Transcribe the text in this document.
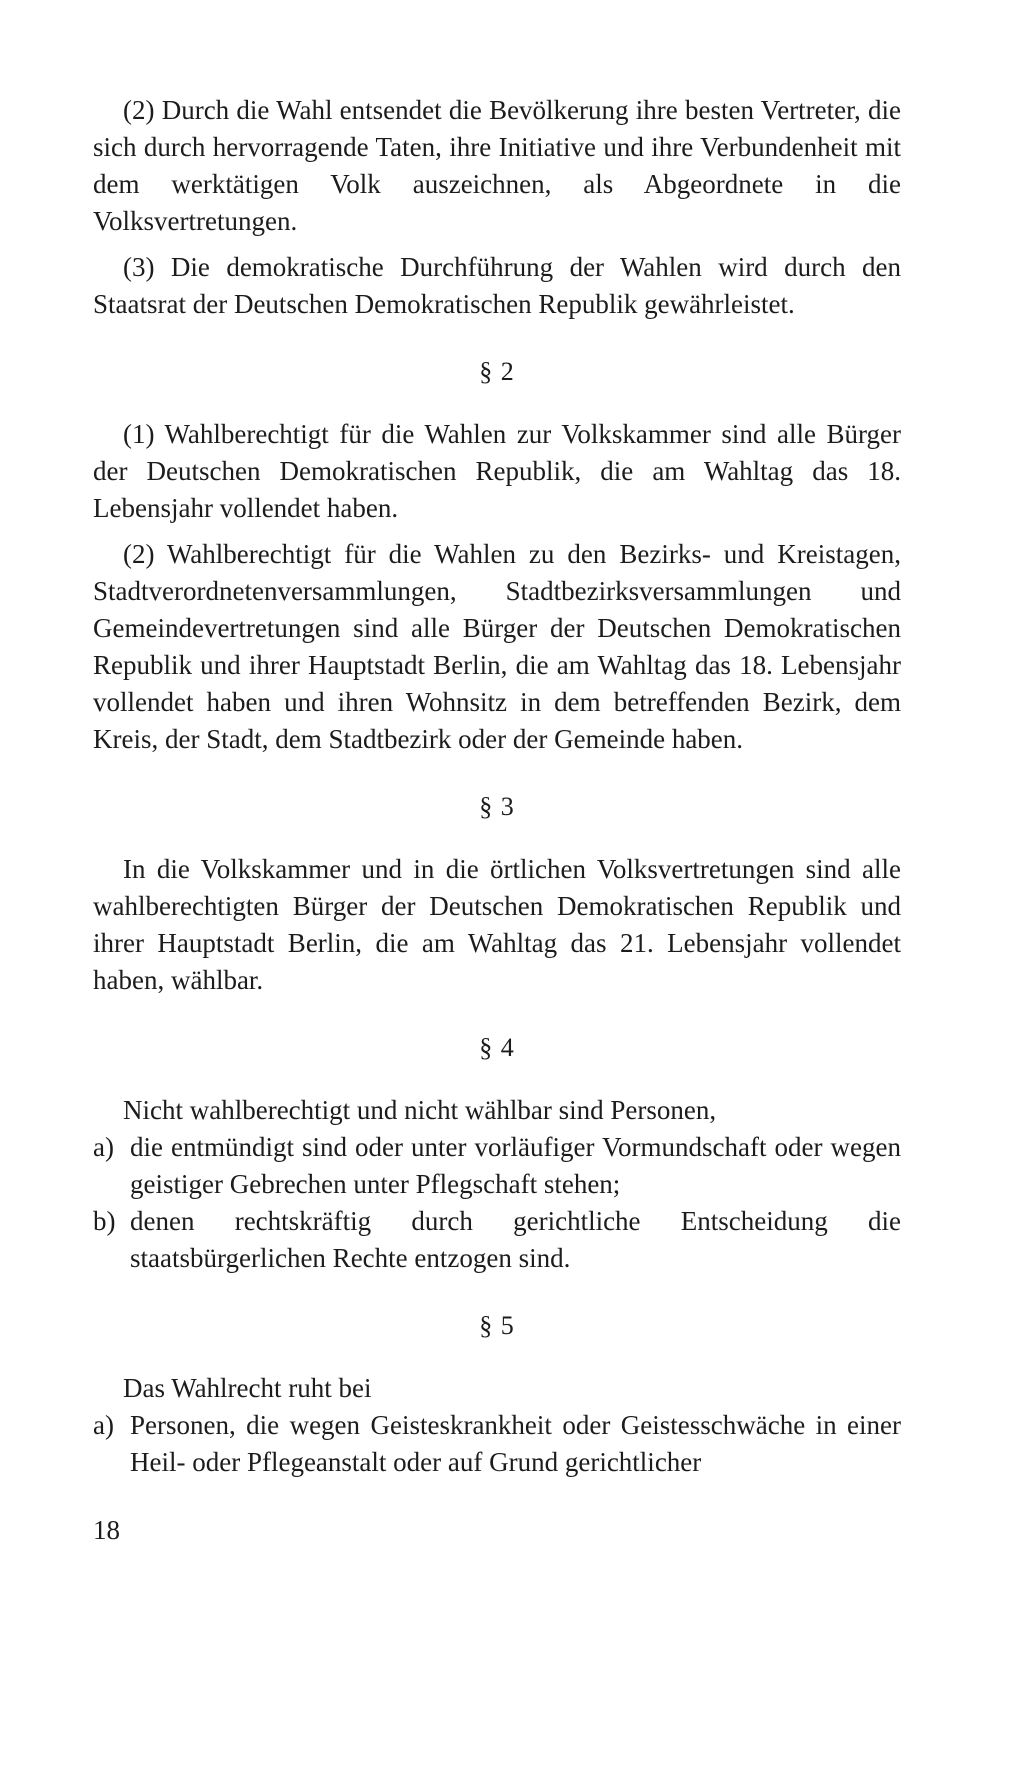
(2) Durch die Wahl entsendet die Bevölkerung ihre besten Vertreter, die sich durch hervorragende Taten, ihre Initiative und ihre Verbundenheit mit dem werktätigen Volk auszeichnen, als Abgeordnete in die Volksvertretungen.

(3) Die demokratische Durchführung der Wahlen wird durch den Staatsrat der Deutschen Demokratischen Republik gewährleistet.

§ 2

(1) Wahlberechtigt für die Wahlen zur Volkskammer sind alle Bürger der Deutschen Demokratischen Republik, die am Wahltag das 18. Lebensjahr vollendet haben.

(2) Wahlberechtigt für die Wahlen zu den Bezirks- und Kreistagen, Stadtverordnetenversammlungen, Stadtbezirksversammlungen und Gemeindevertretungen sind alle Bürger der Deutschen Demokratischen Republik und ihrer Hauptstadt Berlin, die am Wahltag das 18. Lebensjahr vollendet haben und ihren Wohnsitz in dem betreffenden Bezirk, dem Kreis, der Stadt, dem Stadtbezirk oder der Gemeinde haben.

§ 3

In die Volkskammer und in die örtlichen Volksvertretungen sind alle wahlberechtigten Bürger der Deutschen Demokratischen Republik und ihrer Hauptstadt Berlin, die am Wahltag das 21. Lebensjahr vollendet haben, wählbar.

§ 4

Nicht wahlberechtigt und nicht wählbar sind Personen,

a) die entmündigt sind oder unter vorläufiger Vormundschaft oder wegen geistiger Gebrechen unter Pflegschaft stehen;
b) denen rechtskräftig durch gerichtliche Entscheidung die staatsbürgerlichen Rechte entzogen sind.
§ 5

Das Wahlrecht ruht bei

a) Personen, die wegen Geisteskrankheit oder Geistesschwäche in einer Heil- oder Pflegeanstalt oder auf Grund gerichtlicher
18
